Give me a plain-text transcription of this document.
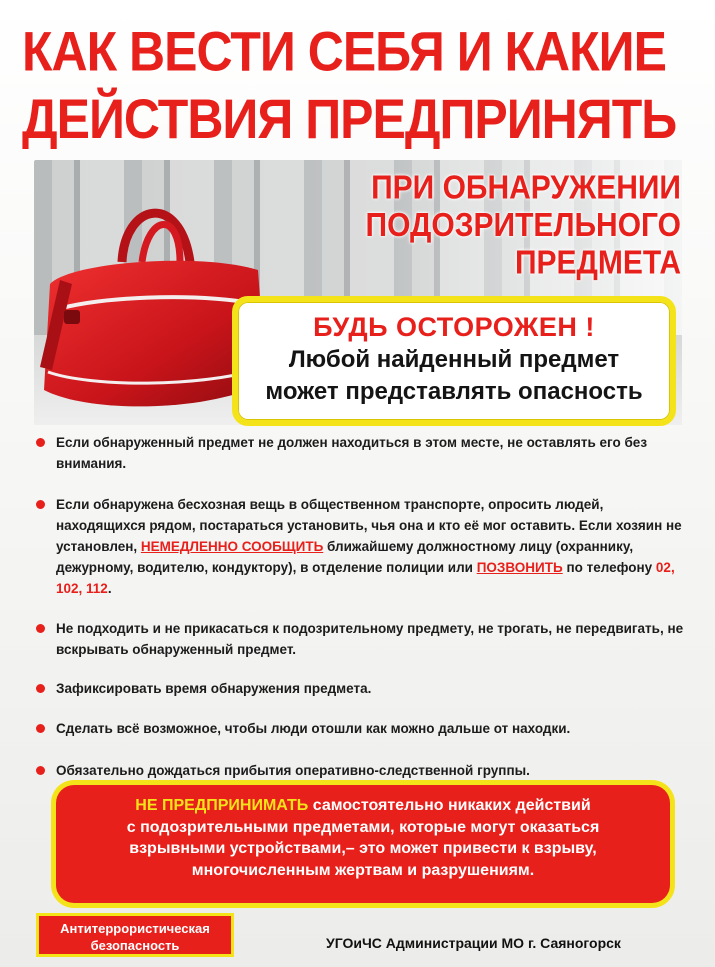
КАК ВЕСТИ СЕБЯ И КАКИЕ
ДЕЙСТВИЯ ПРЕДПРИНЯТЬ
ПРИ ОБНАРУЖЕНИИ
ПОДОЗРИТЕЛЬНОГО ПРЕДМЕТА
БУДЬ ОСТОРОЖЕН !
Любой найденный предмет
может представлять опасность
Если обнаруженный предмет не должен находиться в этом месте, не оставлять его без внимания.
Если обнаружена бесхозная вещь в общественном транспорте, опросить людей, находящихся рядом, постараться установить, чья она и кто её мог оставить. Если хозяин не установлен, НЕМЕДЛЕННО СООБЩИТЬ ближайшему должностному лицу (охраннику, дежурному, водителю, кондуктору), в отделение полиции или ПОЗВОНИТЬ по телефону 02, 102, 112.
Не подходить и не прикасаться к подозрительному предмету, не трогать, не передвигать, не вскрывать обнаруженный предмет.
Зафиксировать время обнаружения предмета.
Сделать всё возможное, чтобы люди отошли как можно дальше от находки.
Обязательно дождаться прибытия оперативно-следственной группы.
НЕ ПРЕДПРИНИМАТЬ самостоятельно никаких действий
с подозрительными предметами, которые могут оказаться
взрывными устройствами,– это может привести к взрыву,
многочисленным жертвам и разрушениям.
Антитеррористическая
безопасность	УГОиЧС Администрации МО г. Саяногорск
